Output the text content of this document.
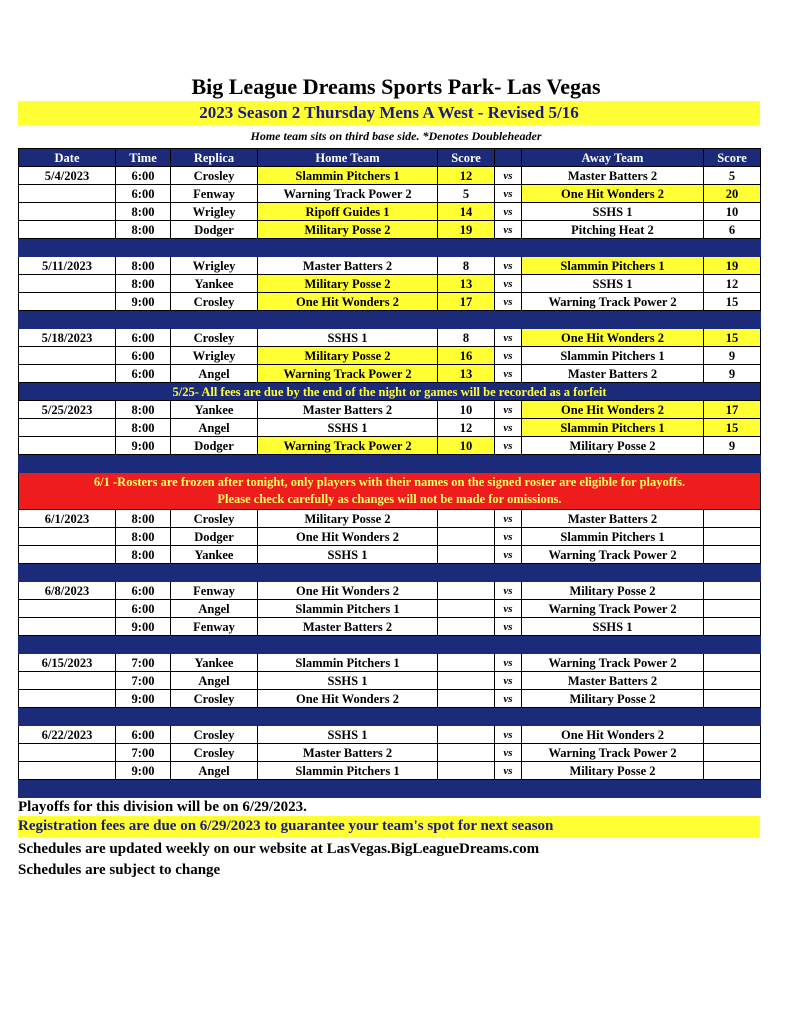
Big League Dreams Sports Park- Las Vegas
2023 Season 2 Thursday Mens A West - Revised 5/16
Home team sits on third base side. *Denotes Doubleheader
Date	Time	Replica	Home Team	Score		Away Team	Score
5/4/2023	6:00	Crosley	Slammin Pitchers 1	12	vs	Master Batters 2	5
	6:00	Fenway	Warning Track Power 2	5	vs	One Hit Wonders 2	20
	8:00	Wrigley	Ripoff Guides 1	14	vs	SSHS 1	10
	8:00	Dodger	Military Posse 2	19	vs	Pitching Heat 2	6

5/11/2023	8:00	Wrigley	Master Batters 2	8	vs	Slammin Pitchers 1	19
	8:00	Yankee	Military Posse 2	13	vs	SSHS 1	12
	9:00	Crosley	One Hit Wonders 2	17	vs	Warning Track Power 2	15

5/18/2023	6:00	Crosley	SSHS 1	8	vs	One Hit Wonders 2	15
	6:00	Wrigley	Military Posse 2	16	vs	Slammin Pitchers 1	9
	6:00	Angel	Warning Track Power 2	13	vs	Master Batters 2	9
5/25- All fees are due by the end of the night or games will be recorded as a forfeit							
5/25/2023	8:00	Yankee	Master Batters 2	10	vs	One Hit Wonders 2	17
	8:00	Angel	SSHS 1	12	vs	Slammin Pitchers 1	15
	9:00	Dodger	Warning Track Power 2	10	vs	Military Posse 2	9

6/1 -Rosters are frozen after tonight, only players with their names on the signed roster are eligible for playoffs.
Please check carefully as changes will not be made for omissions.							

6/1/2023	8:00	Crosley	Military Posse 2		vs	Master Batters 2	
	8:00	Dodger	One Hit Wonders 2		vs	Slammin Pitchers 1	
	8:00	Yankee	SSHS 1		vs	Warning Track Power 2	

6/8/2023	6:00	Fenway	One Hit Wonders 2		vs	Military Posse 2	
	6:00	Angel	Slammin Pitchers 1		vs	Warning Track Power 2	
	9:00	Fenway	Master Batters 2		vs	SSHS 1	

6/15/2023	7:00	Yankee	Slammin Pitchers 1		vs	Warning Track Power 2	
	7:00	Angel	SSHS 1		vs	Master Batters 2	
	9:00	Crosley	One Hit Wonders 2		vs	Military Posse 2	

6/22/2023	6:00	Crosley	SSHS 1		vs	One Hit Wonders 2	
	7:00	Crosley	Master Batters 2		vs	Warning Track Power 2	
	9:00	Angel	Slammin Pitchers 1		vs	Military Posse 2	

Playoffs for this division will be on 6/29/2023.
Registration fees are due on 6/29/2023 to guarantee your team's spot for next season
Schedules are updated weekly on our website at LasVegas.BigLeagueDreams.com
Schedules are subject to change
